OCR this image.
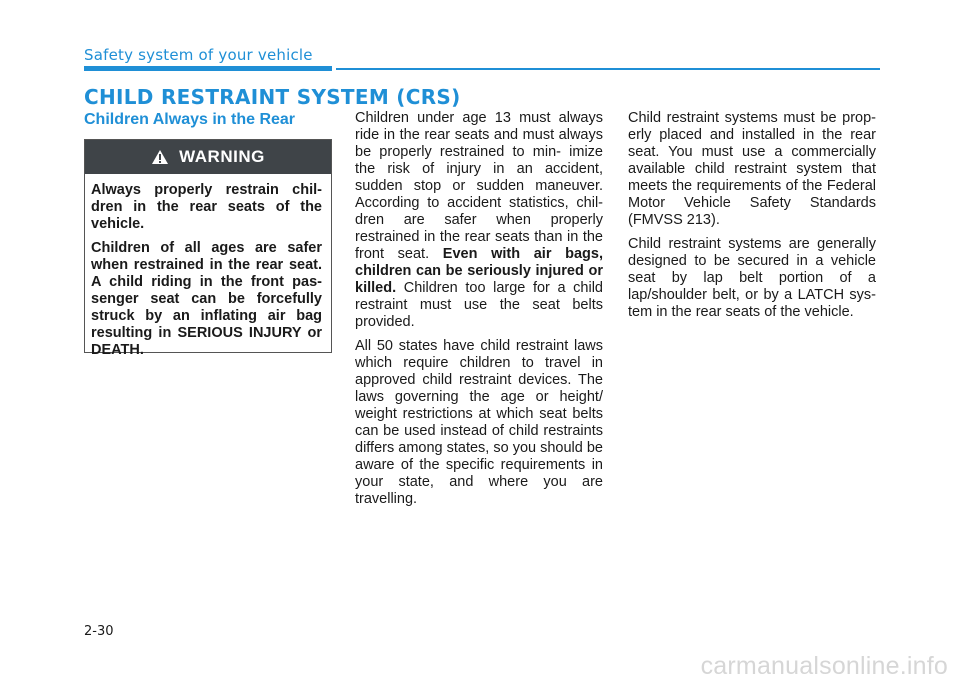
Safety system of your vehicle
CHILD RESTRAINT SYSTEM (CRS)
Children Always in the Rear
WARNING

Always properly restrain chil- dren in the rear seats of the vehicle.

Children of all ages are safer when restrained in the rear seat. A child riding in the front pas- senger seat can be forcefully struck by an inflating air bag resulting in SERIOUS INJURY or DEATH.

Children under age 13 must always ride in the rear seats and must always be properly restrained to min- imize the risk of injury in an accident, sudden stop or sudden maneuver. According to accident statistics, chil- dren are safer when properly restrained in the rear seats than in the front seat. Even with air bags, children can be seriously injured or killed. Children too large for a child restraint must use the seat belts provided.

All 50 states have child restraint laws which require children to travel in approved child restraint devices. The laws governing the age or height/ weight restrictions at which seat belts can be used instead of child restraints differs among states, so you should be aware of the specific requirements in your state, and where you are travelling.

Child restraint systems must be prop- erly placed and installed in the rear seat. You must use a commercially available child restraint system that meets the requirements of the Federal Motor Vehicle Safety Standards (FMVSS 213).

Child restraint systems are generally designed to be secured in a vehicle seat by lap belt portion of a lap/shoulder belt, or by a LATCH sys- tem in the rear seats of the vehicle.

2-30
carmanualsonline.info
